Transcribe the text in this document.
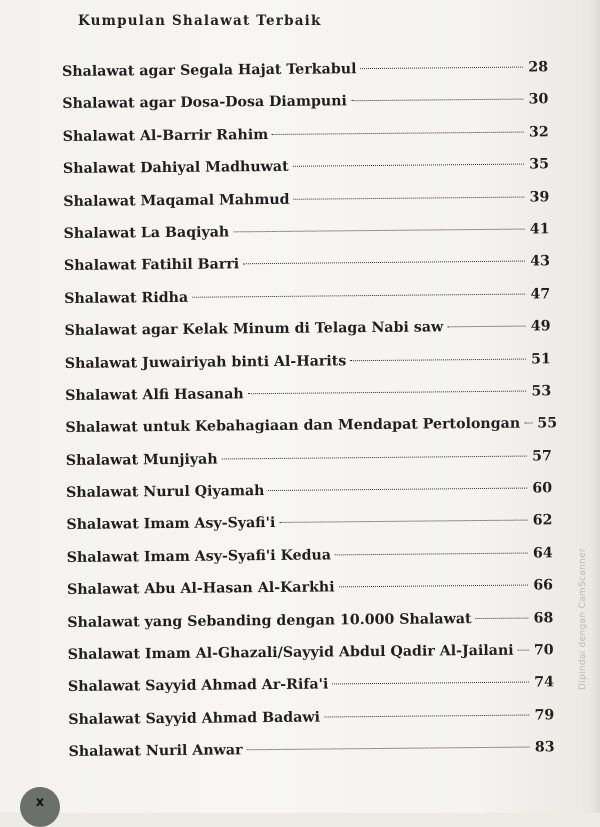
Kumpulan Shalawat Terbaik
Shalawat agar Segala Hajat Terkabul	28
Shalawat agar Dosa-Dosa Diampuni	30
Shalawat Al-Barrir Rahim	32
Shalawat Dahiyal Madhuwat	35
Shalawat Maqamal Mahmud	39
Shalawat La Baqiyah	41
Shalawat Fatihil Barri	43
Shalawat Ridha	47
Shalawat agar Kelak Minum di Telaga Nabi saw	49
Shalawat Juwairiyah binti Al-Harits	51
Shalawat Alfi Hasanah	53
Shalawat untuk Kebahagiaan dan Mendapat Pertolongan 55
Shalawat Munjiyah	57
Shalawat Nurul Qiyamah	60
Shalawat Imam Asy-Syafi'i	62
Shalawat Imam Asy-Syafi'i Kedua	64
Shalawat Abu Al-Hasan Al-Karkhi	66
Shalawat yang Sebanding dengan 10.000 Shalawat	68
Shalawat Imam Al-Ghazali/Sayyid Abdul Qadir Al-Jailani 70
Shalawat Sayyid Ahmad Ar-Rifa'i	74
Shalawat Sayyid Ahmad Badawi	79
Shalawat Nuril Anwar	83
x
Dipindai dengan CamScanner
